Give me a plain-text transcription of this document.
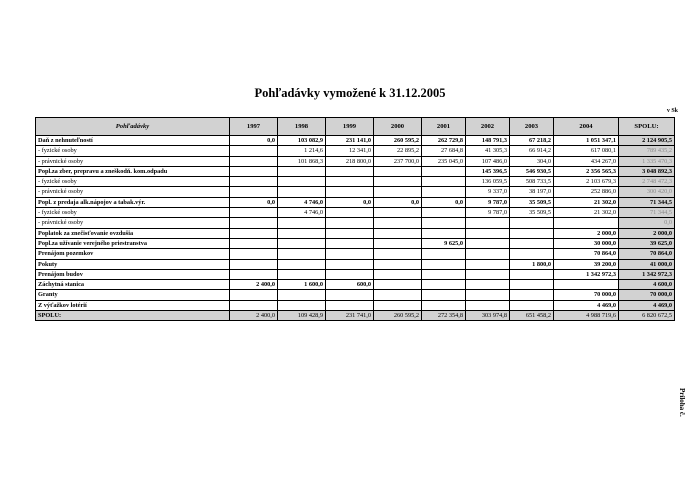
Pohľadávky vymožené k 31.12.2005
v Sk
Príloha č.
Pohľadávky	1997	1998	1999	2000	2001	2002	2003	2004	SPOLU:
Daň z nehnuteľností	0,0	103 082,9	231 141,0	260 595,2	262 729,8	148 791,3	67 218,2	1 051 347,1	2 124 905,5
- fyzické osoby		1 214,6	12 341,0	22 895,2	27 684,8	41 305,3	66 914,2	617 080,1	789 435,2
- právnické osoby		101 868,3	218 800,0	237 700,0	235 045,0	107 486,0	304,0	434 267,0	1 335 470,3
Popl.za zber, prepravu a zneškodň. kom.odpadu						145 396,5	546 930,5	2 356 565,3	3 048 892,3
- fyzické osoby						136 059,5	508 733,5	2 103 679,3	2 748 472,3
- právnické osoby						9 337,0	38 197,0	252 886,0	300 420,0
Popl. z predaja alk.nápojov a tabak.výr.	0,0	4 746,0	0,0	0,0	0,0	9 787,0	35 509,5	21 302,0	71 344,5
- fyzické osoby		4 746,0				9 787,0	35 509,5	21 302,0	71 344,5
- právnické osoby									0,0
Poplatok za znečisťovanie ovzdušia								2 000,0	2 000,0
Popl.za užívanie verejného priestranstva					9 625,0			30 000,0	39 625,0
Prenájom pozemkov								70 864,0	70 864,0
Pokuty							1 800,0	39 200,0	41 000,0
Prenájom budov								1 342 972,3	1 342 972,3
Záchytná stanica	2 400,0	1 600,0	600,0						4 600,0
Granty								70 000,0	70 000,0
Z výťažkov lotérií								4 469,0	4 469,0
SPOLU:	2 400,0	109 428,9	231 741,0	260 595,2	272 354,8	303 974,8	651 458,2	4 988 719,6	6 820 672,5
